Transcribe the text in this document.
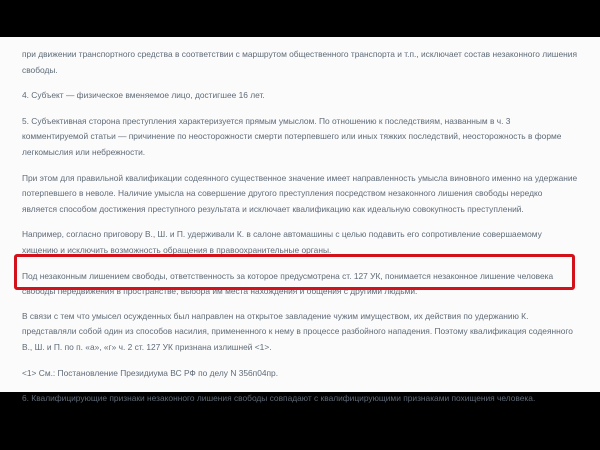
при движении транспортного средства в соответствии с маршрутом общественного транспорта и т.п., исключает состав незаконного лишения свободы.

4. Субъект — физическое вменяемое лицо, достигшее 16 лет.

5. Субъективная сторона преступления характеризуется прямым умыслом. По отношению к последствиям, названным в ч. 3 комментируемой статьи — причинение по неосторожности смерти потерпевшего или иных тяжких последствий, неосторожность в форме легкомыслия или небрежности.

При этом для правильной квалификации содеянного существенное значение имеет направленность умысла виновного именно на удержание потерпевшего в неволе. Наличие умысла на совершение другого преступления посредством незаконного лишения свободы нередко является способом достижения преступного результата и исключает квалификацию как идеальную совокупность преступлений.

Например, согласно приговору В., Ш. и П. удерживали К. в салоне автомашины с целью подавить его сопротивление совершаемому хищению и исключить возможность обращения в правоохранительные органы.

Под незаконным лишением свободы, ответственность за которое предусмотрена ст. 127 УК, понимается незаконное лишение человека свободы передвижения в пространстве, выбора им места нахождения и общения с другими людьми.

В связи с тем что умысел осужденных был направлен на открытое завладение чужим имуществом, их действия по удержанию К. представляли собой один из способов насилия, примененного к нему в процессе разбойного нападения. Поэтому квалификация содеянного В., Ш. и П. по п. «а», «г» ч. 2 ст. 127 УК признана излишней <1>.

<1> См.: Постановление Президиума ВС РФ по делу N 356п04пр.

6. Квалифицирующие признаки незаконного лишения свободы совпадают с квалифицирующими признаками похищения человека.
